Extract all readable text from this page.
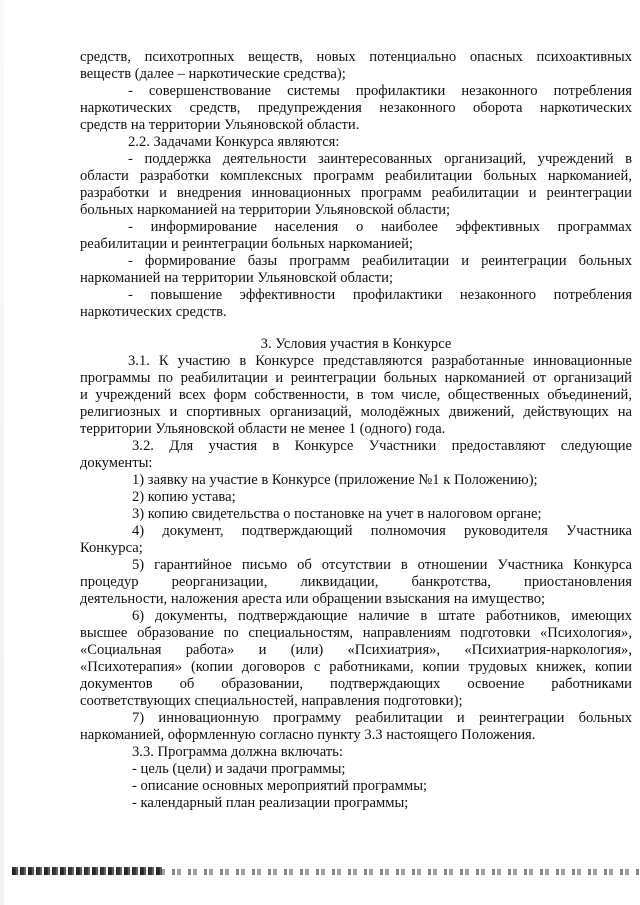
средств, психотропных веществ, новых потенциально опасных психоактивных
веществ (далее – наркотические средства);
- совершенствование системы профилактики незаконного потребления
наркотических средств, предупреждения незаконного оборота наркотических
средств на территории Ульяновской области.
2.2. Задачами Конкурса являются:
- поддержка деятельности заинтересованных организаций, учреждений в
области разработки комплексных программ реабилитации больных наркоманией,
разработки и внедрения инновационных программ реабилитации и реинтеграции
больных наркоманией на территории Ульяновской области;
- информирование населения о наиболее эффективных программах
реабилитации и реинтеграции больных наркоманией;
- формирование базы программ реабилитации и реинтеграции больных
наркоманией на территории Ульяновской области;
- повышение эффективности профилактики незаконного потребления
наркотических средств.
3. Условия участия в Конкурсе
3.1. К участию в Конкурсе представляются разработанные инновационные
программы по реабилитации и реинтеграции больных наркоманией от организаций
и учреждений всех форм собственности, в том числе, общественных объединений,
религиозных и спортивных организаций, молодёжных движений, действующих на
территории Ульяновской области не менее 1 (одного) года.
3.2. Для участия в Конкурсе Участники предоставляют следующие
документы:
1) заявку на участие в Конкурсе (приложение №1 к Положению);
2) копию устава;
3) копию свидетельства о постановке на учет в налоговом органе;
4) документ, подтверждающий полномочия руководителя Участника
Конкурса;
5) гарантийное письмо об отсутствии в отношении Участника Конкурса
процедур реорганизации, ликвидации, банкротства, приостановления
деятельности, наложения ареста или обращении взыскания на имущество;
6) документы, подтверждающие наличие в штате работников, имеющих
высшее образование по специальностям, направлениям подготовки «Психология»,
«Социальная работа» и (или) «Психиатрия», «Психиатрия-наркология»,
«Психотерапия» (копии договоров с работниками, копии трудовых книжек, копии
документов об образовании, подтверждающих освоение работниками
соответствующих специальностей, направления подготовки);
7) инновационную программу реабилитации и реинтеграции больных
наркоманией, оформленную согласно пункту 3.3 настоящего Положения.
3.3. Программа должна включать:
- цель (цели) и задачи программы;
- описание основных мероприятий программы;
- календарный план реализации программы;
